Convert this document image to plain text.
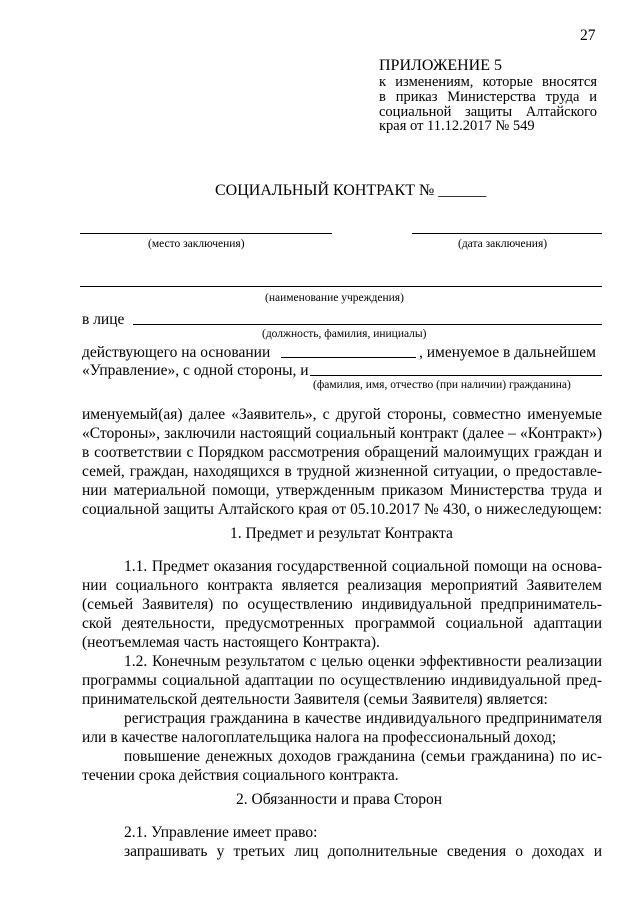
27
ПРИЛОЖЕНИЕ 5
к изменениям, которые вносятся
в приказ Министерства труда и
социальной защиты Алтайского
края от 11.12.2017 № 549
СОЦИАЛЬНЫЙ КОНТРАКТ № ______
(место заключения)	(дата заключения)
(наименование учреждения)
в лице
(должность, фамилия, инициалы)
действующего на основании	, именуемое в дальнейшем
«Управление», с одной стороны, и
(фамилия, имя, отчество (при наличии) гражданина)
именуемый(ая) далее «Заявитель», с другой стороны, совместно именуемые
«Стороны», заключили настоящий социальный контракт (далее – «Контракт»)
в соответствии с Порядком рассмотрения обращений малоимущих граждан и
семей, граждан, находящихся в трудной жизненной ситуации, о предоставле-
нии материальной помощи, утвержденным приказом Министерства труда и
социальной защиты Алтайского края от 05.10.2017 № 430, о нижеследующем:
1. Предмет и результат Контракта
1.1. Предмет оказания государственной социальной помощи на основа-
нии социального контракта является реализация мероприятий Заявителем
(семьей Заявителя) по осуществлению индивидуальной предприниматель-
ской деятельности, предусмотренных программой социальной адаптации
(неотъемлемая часть настоящего Контракта).
1.2. Конечным результатом с целью оценки эффективности реализации
программы социальной адаптации по осуществлению индивидуальной пред-
принимательской деятельности Заявителя (семьи Заявителя) является:
регистрация гражданина в качестве индивидуального предпринимателя
или в качестве налогоплательщика налога на профессиональный доход;
повышение денежных доходов гражданина (семьи гражданина) по ис-
течении срока действия социального контракта.
2. Обязанности и права Сторон
2.1. Управление имеет право:
запрашивать у третьих лиц дополнительные сведения о доходах и
